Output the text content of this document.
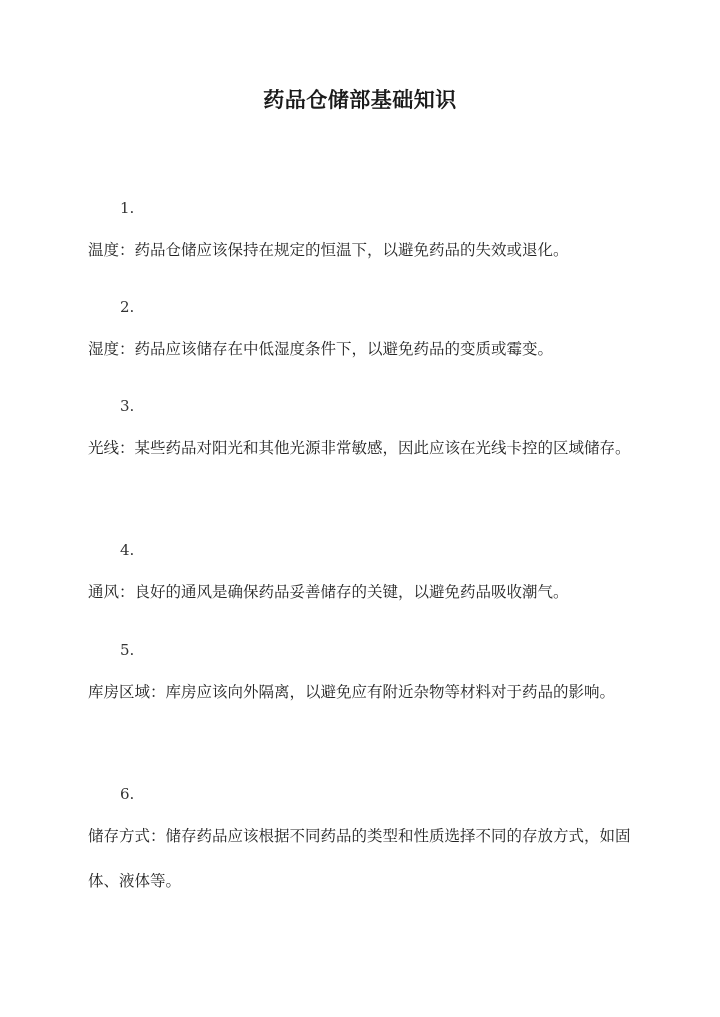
药品仓储部基础知识
1.

温度：药品仓储应该保持在规定的恒温下，以避免药品的失效或退化。

2.

湿度：药品应该储存在中低湿度条件下，以避免药品的变质或霉变。

3.

光线：某些药品对阳光和其他光源非常敏感，因此应该在光线卡控的区域储存。

4.

通风：良好的通风是确保药品妥善储存的关键，以避免药品吸收潮气。

5.

库房区域：库房应该向外隔离，以避免应有附近杂物等材料对于药品的影响。

6.

储存方式：储存药品应该根据不同药品的类型和性质选择不同的存放方式，如固体、液体等。
